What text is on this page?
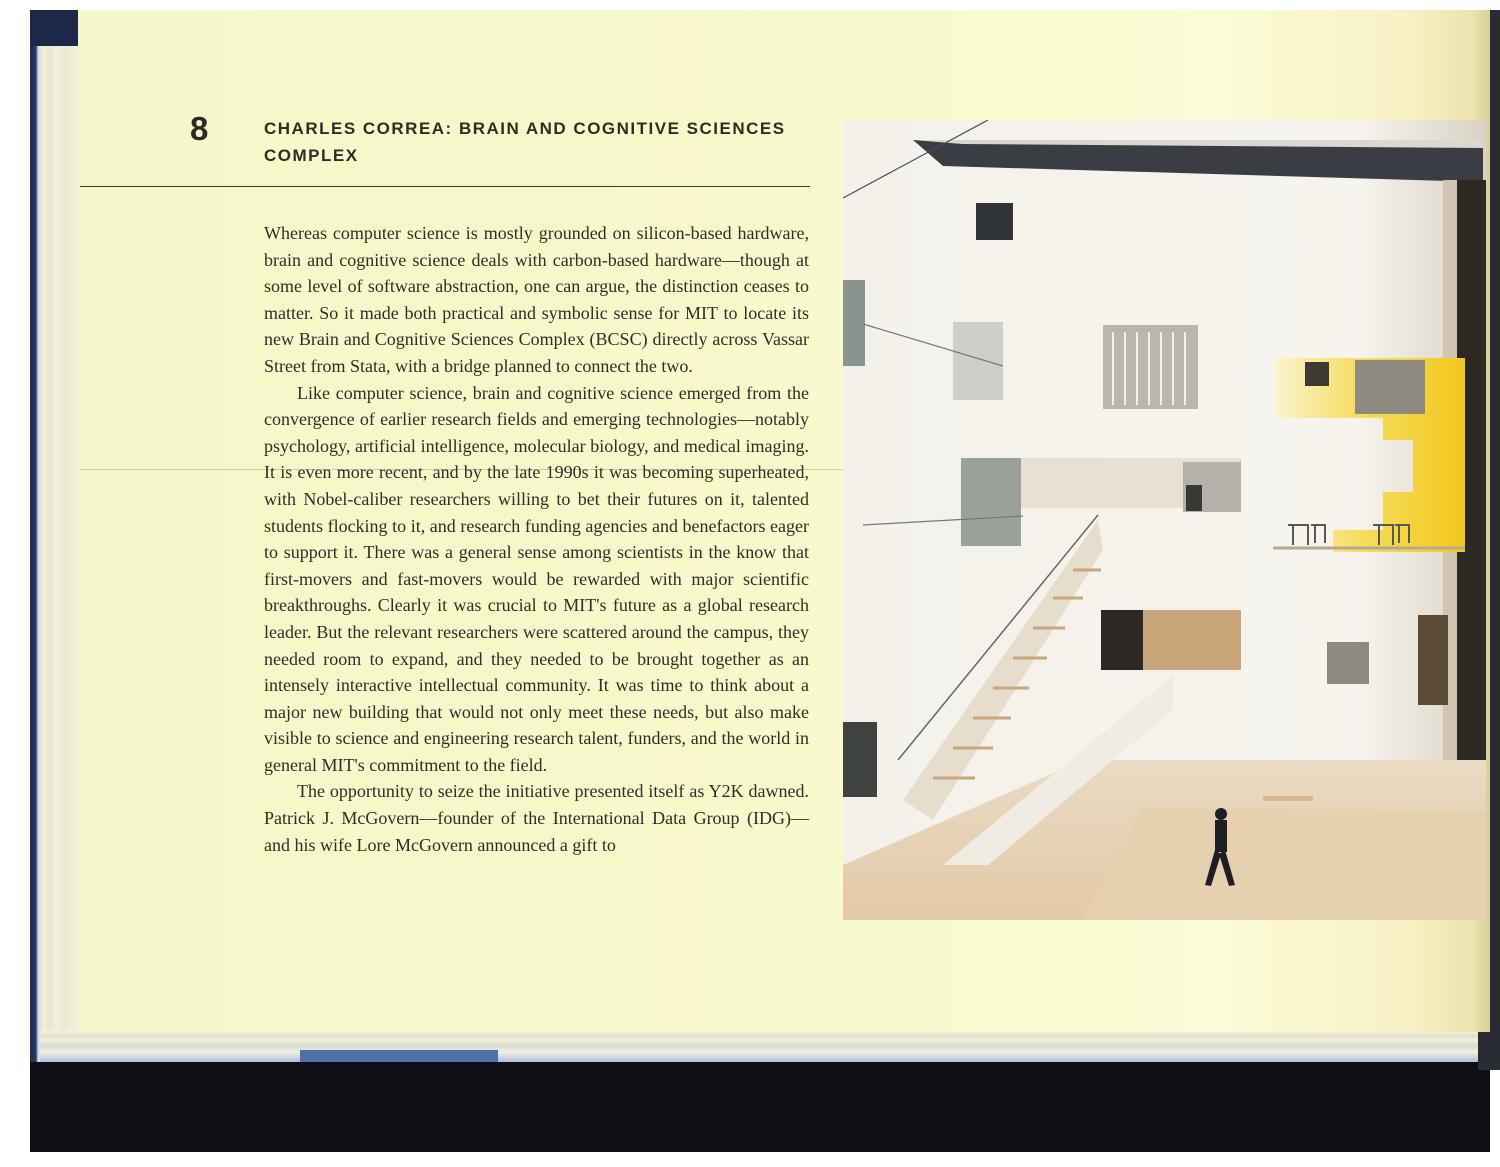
8	CHARLES CORREA: BRAIN AND COGNITIVE SCIENCES COMPLEX

Whereas computer science is mostly grounded on silicon-based hardware, brain and cognitive science deals with carbon-based hardware—though at some level of software abstraction, one can argue, the distinction ceases to matter. So it made both practical and symbolic sense for MIT to locate its new Brain and Cognitive Sciences Complex (BCSC) directly across Vassar Street from Stata, with a bridge planned to connect the two.

Like computer science, brain and cognitive science emerged from the convergence of earlier research fields and emerging technologies—notably psychology, artificial intelligence, molecular biology, and medical imaging. It is even more recent, and by the late 1990s it was becoming superheated, with Nobel-caliber researchers willing to bet their futures on it, talented students flocking to it, and research funding agencies and benefactors eager to support it. There was a general sense among scientists in the know that first-movers and fast-movers would be rewarded with major scientific breakthroughs. Clearly it was crucial to MIT's future as a global research leader. But the relevant researchers were scattered around the campus, they needed room to expand, and they needed to be brought together as an intensely interactive intellectual community. It was time to think about a major new building that would not only meet these needs, but also make visible to science and engineering research talent, funders, and the world in general MIT's commitment to the field.

The opportunity to seize the initiative presented itself as Y2K dawned. Patrick J. McGovern—founder of the International Data Group (IDG)—and his wife Lore McGovern announced a gift to
